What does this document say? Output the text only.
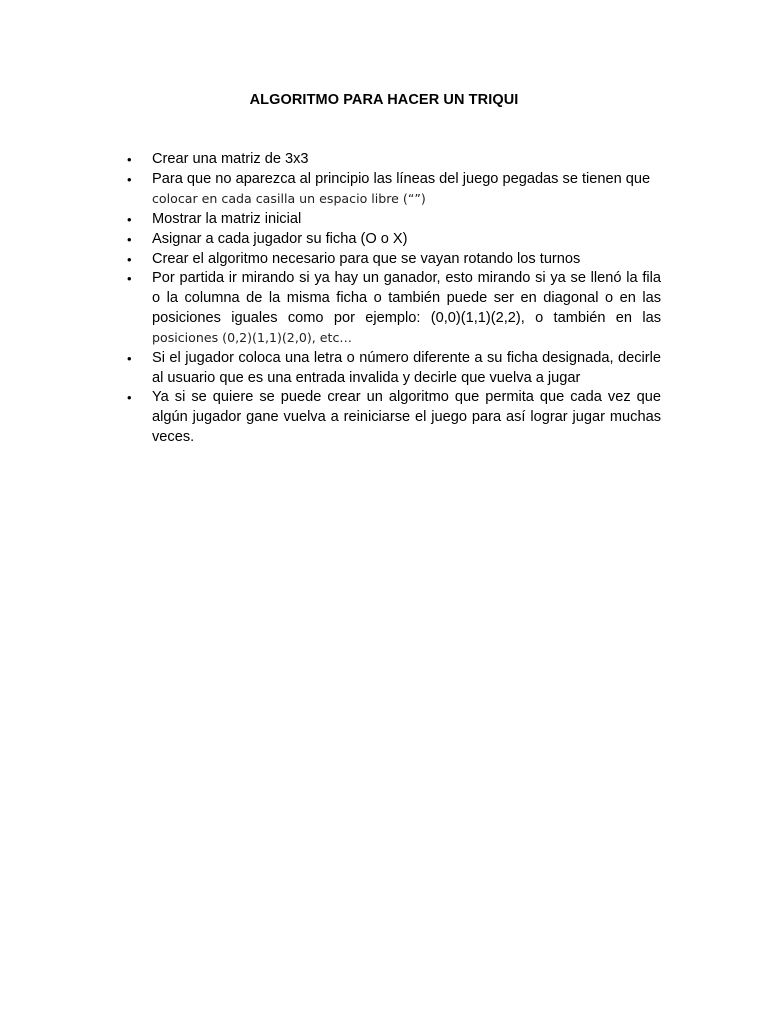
ALGORITMO PARA HACER UN TRIQUI
•	Crear una matriz de 3x3
•	Para que no aparezca al principio las líneas del juego pegadas se tienen que colocar en cada casilla un espacio libre (“”)
•	Mostrar la matriz inicial
•	Asignar a cada jugador su ficha (O o X)
•	Crear el algoritmo necesario para que se vayan rotando los turnos
•	Por partida ir mirando si ya hay un ganador, esto mirando si ya se llenó la fila o la columna de la misma ficha o también puede ser en diagonal o en las posiciones iguales como por ejemplo: (0,0)(1,1)(2,2), o también en las posiciones (0,2)(1,1)(2,0), etc…
•	Si el jugador coloca una letra o número diferente a su ficha designada, decirle al usuario que es una entrada invalida y decirle que vuelva a jugar
•	Ya si se quiere se puede crear un algoritmo que permita que cada vez que algún jugador gane vuelva a reiniciarse el juego para así lograr jugar muchas veces.
